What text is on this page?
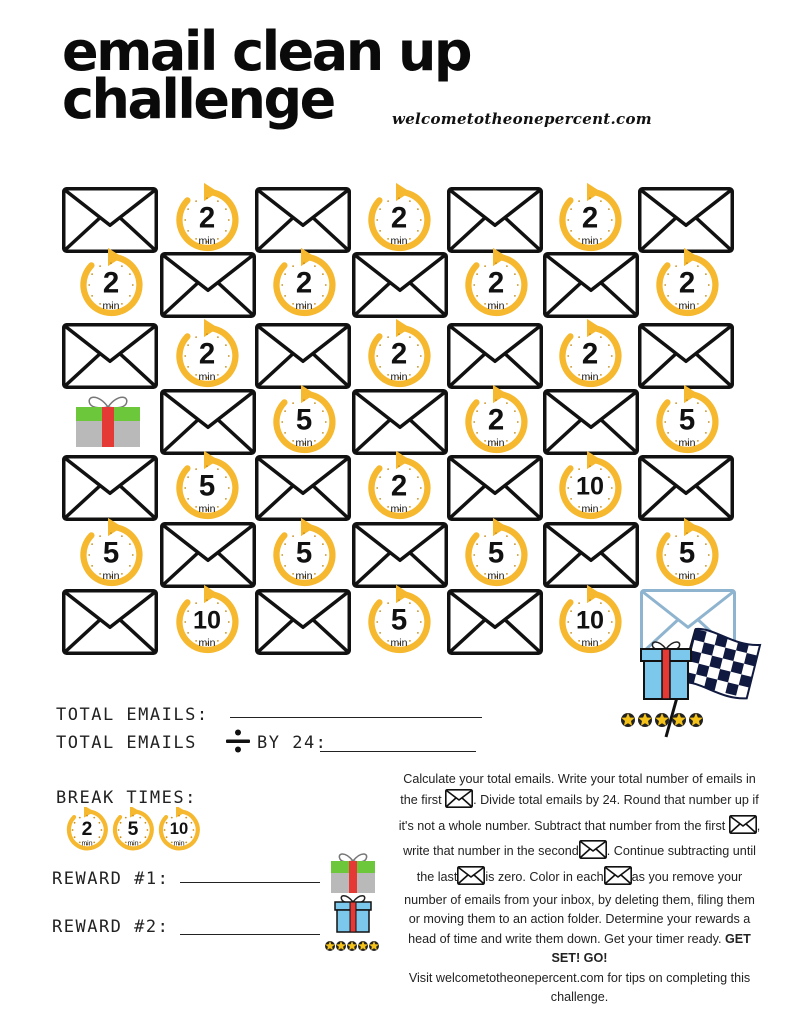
email clean up
challenge	welcometotheonepercent.com
2
min
2
min
2
min
2
min
2
min
2
min
2
min
2
min
2
min
2
min
5
min
2
min
5
min
5
min
2
min
10
min
5
min
5
min
5
min
5
min
10
min
5
min
10
min
TOTAL EMAILS:
TOTAL EMAILS	BY 24:
BREAK TIMES:
2
min
5
min
10
min
REWARD #1:
REWARD #2:
Calculate your total emails. Write your total number of emails in the first . Divide total emails by 24. Round that number up if it's not a whole number. Subtract that number from the first , write that number in the second . Continue subtracting until the last is zero. Color in each as you remove your number of emails from your inbox, by deleting them, filing them or moving them to an action folder. Determine your rewards a head of time and write them down. Get your timer ready. GET SET! GO!
Visit welcometotheonepercent.com for tips on completing this challenge.
